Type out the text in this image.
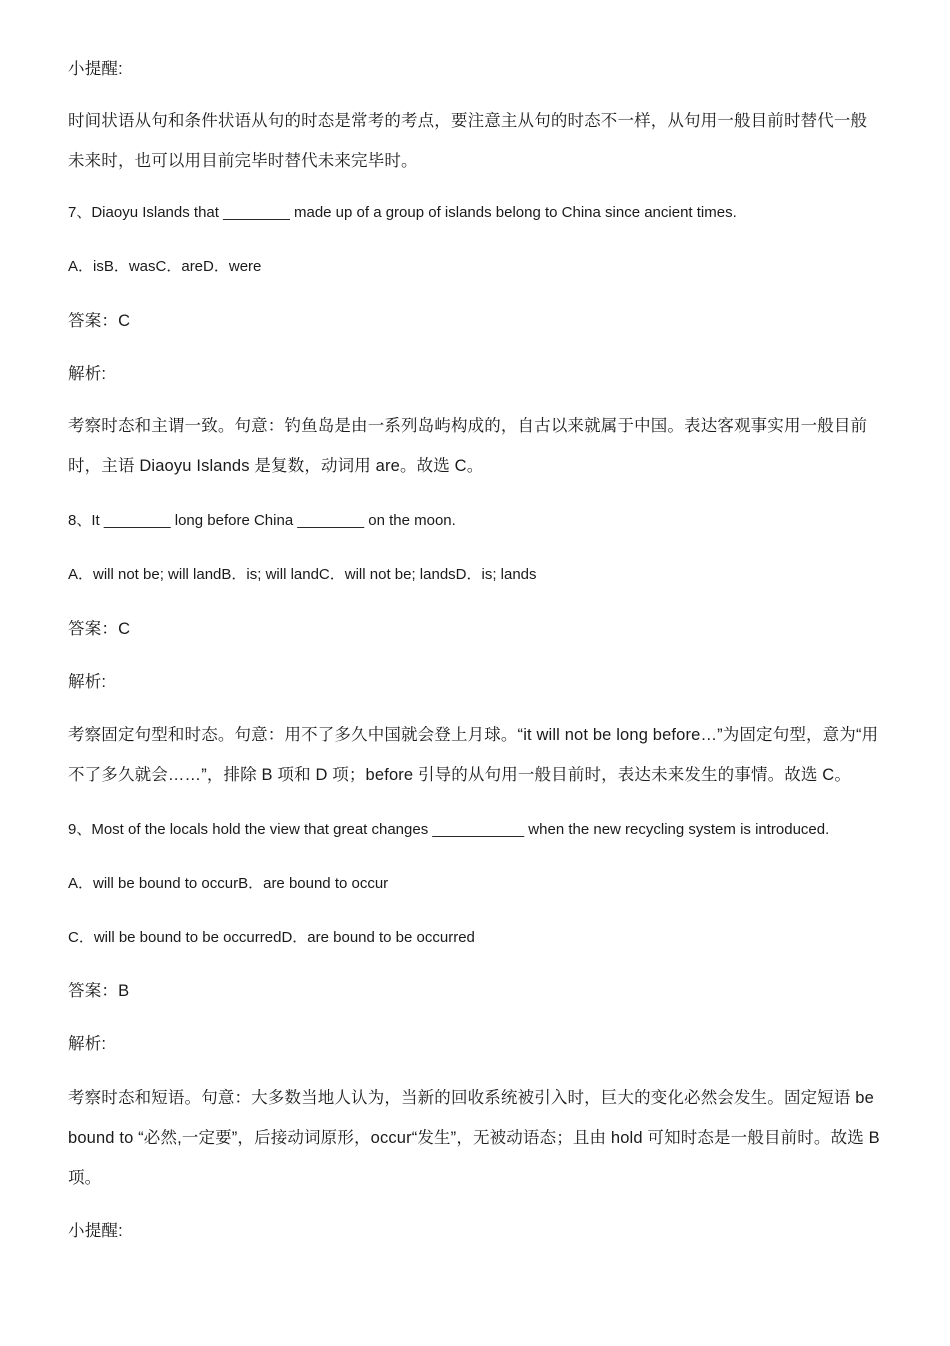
小提醒:
时间状语从句和条件状语从句的时态是常考的考点，要注意主从句的时态不一样，从句用一般目前时替代一般
未来时，也可以用目前完毕时替代未来完毕时。
7、Diaoyu Islands that ________ made up of a group of islands belong to China since ancient times.
A．isB．wasC．areD．were
答案：C
解析:
考察时态和主谓一致。句意：钓鱼岛是由一系列岛屿构成的，自古以来就属于中国。表达客观事实用一般目前
时，主语 Diaoyu Islands 是复数，动词用 are。故选 C。
8、It ________ long before China ________ on the moon.
A．will not be; will landB．is; will landC．will not be; landsD．is; lands
答案：C
解析:
考察固定句型和时态。句意：用不了多久中国就会登上月球。“it will not be long before…”为固定句型，意为“用
不了多久就会……”，排除 B 项和 D 项；before 引导的从句用一般目前时，表达未来发生的事情。故选 C。
9、Most of the locals hold the view that great changes ___________ when the new recycling system is introduced.
A．will be bound to occurB．are bound to occur
C．will be bound to be occurredD．are bound to be occurred
答案：B
解析:
考察时态和短语。句意：大多数当地人认为，当新的回收系统被引入时，巨大的变化必然会发生。固定短语 be
bound to “必然,一定要”，后接动词原形，occur“发生”，无被动语态；且由 hold 可知时态是一般目前时。故选 B
项。
小提醒:
